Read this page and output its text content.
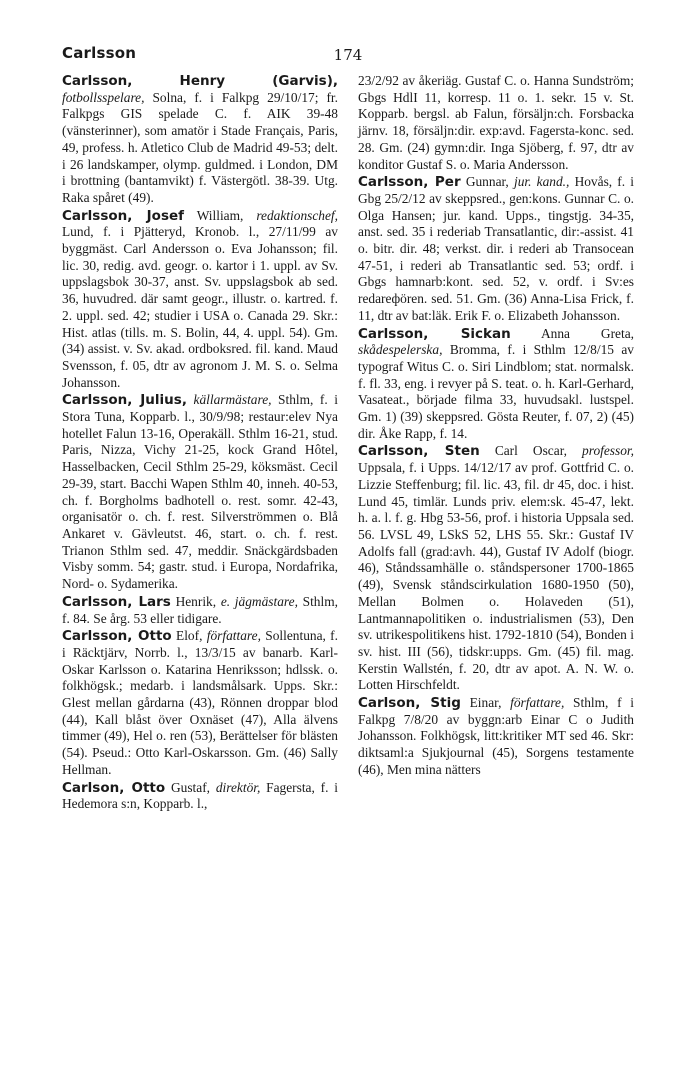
Carlsson	174

Carlsson, Henry (Garvis), fotbollsspelare, Solna, f. i Falkpg 29/10/17; fr. Falkpgs GIS spelade C. f. AIK 39-48 (vänsterinner), som amatör i Stade Français, Paris, 49, profess. h. Atletico Club de Madrid 49-53; delt. i 26 landskamper, olymp. guldmed. i London, DM i brottning (bantamvikt) f. Västergötl. 38-39. Utg. Raka spåret (49).

Carlsson, Josef William, redaktionschef, Lund, f. i Pjätteryd, Kronob. l., 27/11/99 av byggmäst. Carl Andersson o. Eva Johansson; fil. lic. 30, redig. avd. geogr. o. kartor i 1. uppl. av Sv. uppslagsbok 30-37, anst. Sv. uppslagsbok ab sed. 36, huvudred. där samt geogr., illustr. o. kartred. f. 2. uppl. sed. 42; studier i USA o. Canada 29. Skr.: Hist. atlas (tills. m. S. Bolin, 44, 4. uppl. 54). Gm. (34) assist. v. Sv. akad. ordboksred. fil. kand. Maud Svensson, f. 05, dtr av agronom J. M. S. o. Selma Johansson.

Carlsson, Julius, källarmästare, Sthlm, f. i Stora Tuna, Kopparb. l., 30/9/98; restaur:elev Nya hotellet Falun 13-16, Operakäll. Sthlm 16-21, stud. Paris, Nizza, Vichy 21-25, kock Grand Hôtel, Hasselbacken, Cecil Sthlm 25-29, köksmäst. Cecil 29-39, start. Bacchi Wapen Sthlm 40, inneh. 40-53, ch. f. Borgholms badhotell o. rest. somr. 42-43, organisatör o. ch. f. rest. Silverströmmen o. Blå Ankaret v. Gävleutst. 46, start. o. ch. f. rest. Trianon Sthlm sed. 47, meddir. Snäckgärdsbaden Visby somm. 54; gastr. stud. i Europa, Nordafrika, Nord- o. Sydamerika.

Carlsson, Lars Henrik, e. jägmästare, Sthlm, f. 84. Se årg. 53 eller tidigare.

Carlsson, Otto Elof, författare, Sollentuna, f. i Räcktjärv, Norrb. l., 13/3/15 av banarb. Karl-Oskar Karlsson o. Katarina Henriksson; hdlssk. o. folkhögsk.; medarb. i landsmålsark. Upps. Skr.: Glest mellan gårdarna (43), Rönnen droppar blod (44), Kall blåst över Oxnäset (47), Alla älvens timmer (49), Hel o. ren (53), Berättelser för blästen (54). Pseud.: Otto Karl-Oskarsson. Gm. (46) Sally Hellman.

Carlson, Otto Gustaf, direktör, Fagersta, f. i Hedemora s:n, Kopparb. l.,

23/2/92 av åkeriäg. Gustaf C. o. Hanna Sundström; Gbgs HdlI 11, korresp. 11 o. 1. sekr. 15 v. St. Kopparb. bergsl. ab Falun, försäljn:ch. Forsbacka järnv. 18, försäljn:dir. exp:avd. Fagersta-konc. sed. 28. Gm. (24) gymn:dir. Inga Sjöberg, f. 97, dtr av konditor Gustaf S. o. Maria Andersson.

Carlsson, Per Gunnar, jur. kand., Hovås, f. i Gbg 25/2/12 av skeppsred., gen:kons. Gunnar C. o. Olga Hansen; jur. kand. Upps., tingstjg. 34-35, anst. sed. 35 i rederiab Transatlantic, dir:-assist. 41 o. bitr. dir. 48; verkst. dir. i rederi ab Transocean 47-51, i rederi ab Transatlantic sed. 53; ordf. i Gbgs hamnarb:kont. sed. 52, v. ordf. i Sv:es redareфören. sed. 51. Gm. (36) Anna-Lisa Frick, f. 11, dtr av bat:läk. Erik F. o. Elizabeth Johansson.

Carlsson, Sickan Anna Greta, skådespelerska, Bromma, f. i Sthlm 12/8/15 av typograf Witus C. o. Siri Lindblom; stat. normalsk. f. fl. 33, eng. i revyer på S. teat. o. h. Karl-Gerhard, Vasateat., började filma 33, huvudsakl. lustspel. Gm. 1) (39) skeppsred. Gösta Reuter, f. 07, 2) (45) dir. Åke Rapp, f. 14.

Carlsson, Sten Carl Oscar, professor, Uppsala, f. i Upps. 14/12/17 av prof. Gottfrid C. o. Lizzie Steffenburg; fil. lic. 43, fil. dr 45, doc. i hist. Lund 45, timlär. Lunds priv. elem:sk. 45-47, lekt. h. a. l. f. g. Hbg 53-56, prof. i historia Uppsala sed. 56. LVSL 49, LSkS 52, LHS 55. Skr.: Gustaf IV Adolfs fall (grad:avh. 44), Gustaf IV Adolf (biogr. 46), Ståndssamhälle o. ståndspersoner 1700-1865 (49), Svensk ståndscirkulation 1680-1950 (50), Mellan Bolmen o. Holaveden (51), Lantmannapolitiken o. industrialismen (53), Den sv. utrikespolitikens hist. 1792-1810 (54), Bonden i sv. hist. III (56), tidskr:upps. Gm. (45) fil. mag. Kerstin Wallstén, f. 20, dtr av apot. A. N. W. o. Lotten Hirschfeldt.

Carlson, Stig Einar, författare, Sthlm, f i Falkpg 7/8/20 av byggn:arb Einar C o Judith Johansson. Folkhögsk, litt:kritiker MT sed 46. Skr: diktsaml:a Sjukjournal (45), Sorgens testamente (46), Men mina nätters
